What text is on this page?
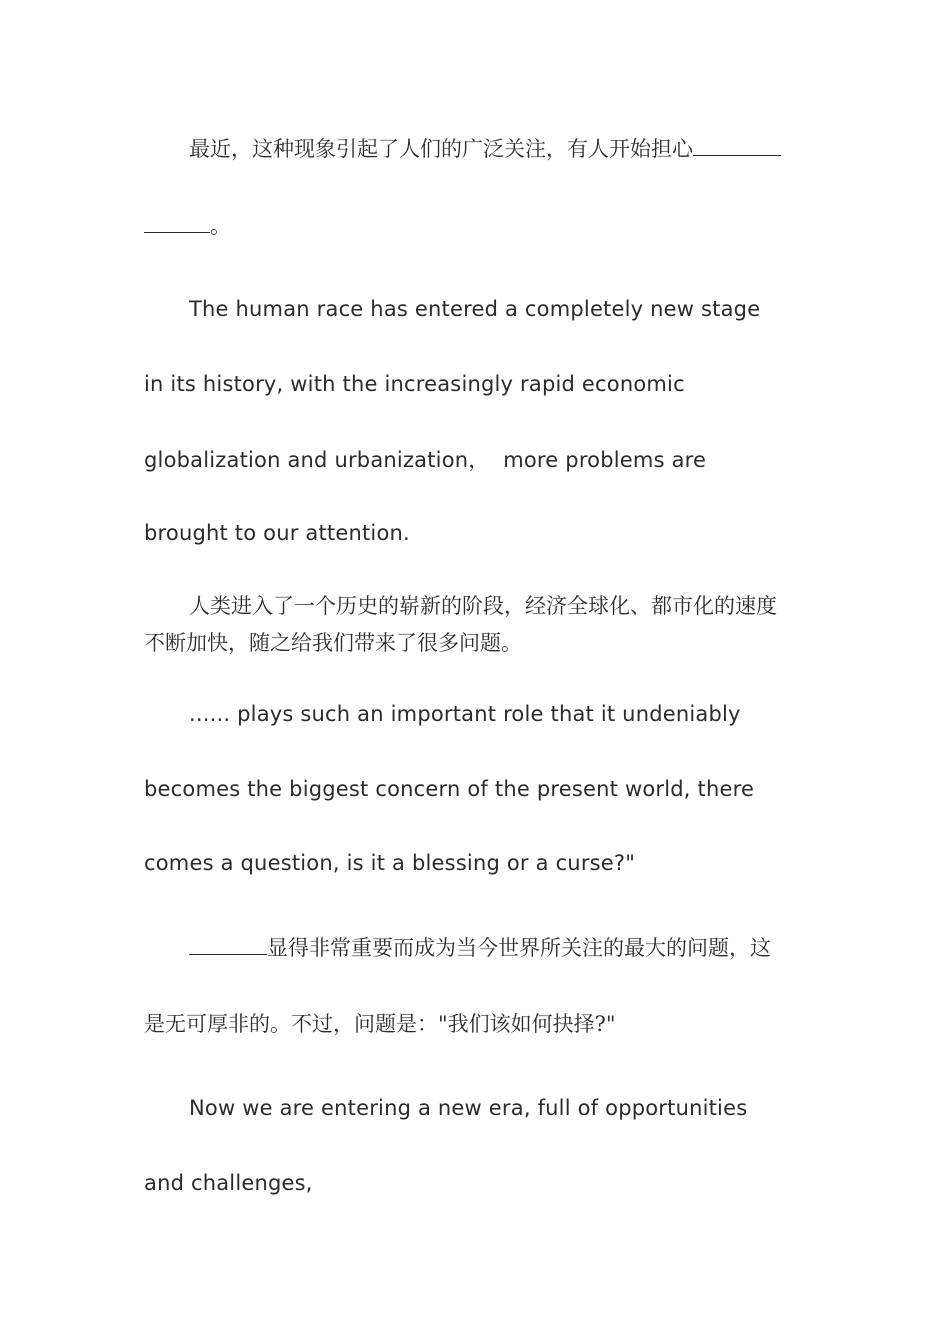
最近，这种现象引起了人们的广泛关注，有人开始担心
。
The human race has entered a completely new stage
in its history, with the increasingly rapid economic
globalization and urbanization，  more problems are
brought to our attention.
人类进入了一个历史的崭新的阶段，经济全球化、都市化的速度
不断加快，随之给我们带来了很多问题。
...... plays such an important role that it undeniably
becomes the biggest concern of the present world, there
comes a question, is it a blessing or a curse?"
显得非常重要而成为当今世界所关注的最大的问题，这
是无可厚非的。不过，问题是："我们该如何抉择?"
Now we are entering a new era, full of opportunities
and challenges,
